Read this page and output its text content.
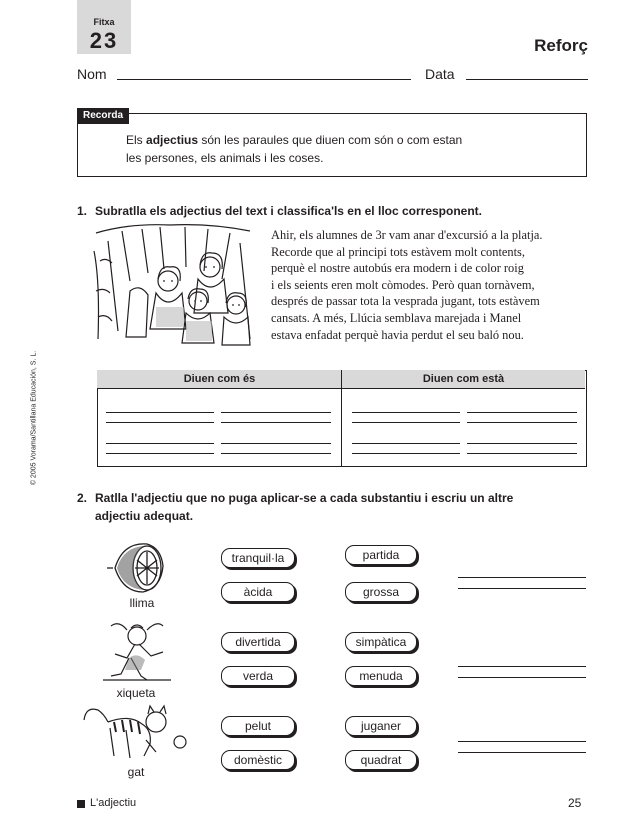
Fitxa
23	Reforç
Nom	Data
Recorda
Els adjectius són les paraules que diuen com són o com estan
les persones, els animals i les coses.
© 2005 Vorama/Santillana Educación, S. L.
1. Subratlla els adjectius del text i classifica'ls en el lloc corresponent.
Ahir, els alumnes de 3r vam anar d'excursió a la platja.
Recorde que al principi tots estàvem molt contents,
perquè el nostre autobús era modern i de color roig
i els seients eren molt còmodes. Però quan tornàvem,
després de passar tota la vesprada jugant, tots estàvem
cansats. A més, Llúcia semblava marejada i Manel
estava enfadat perquè havia perdut el seu baló nou.
Diuen com és	Diuen com està
2. Ratlla l'adjectiu que no puga aplicar-se a cada substantiu i escriu un altre adjectiu adequat.
llima
tranquil·la	partida
àcida	grossa
xiqueta
divertida	simpàtica
verda	menuda
gat
pelut	juganer
domèstic	quadrat
L'adjectiu	25
